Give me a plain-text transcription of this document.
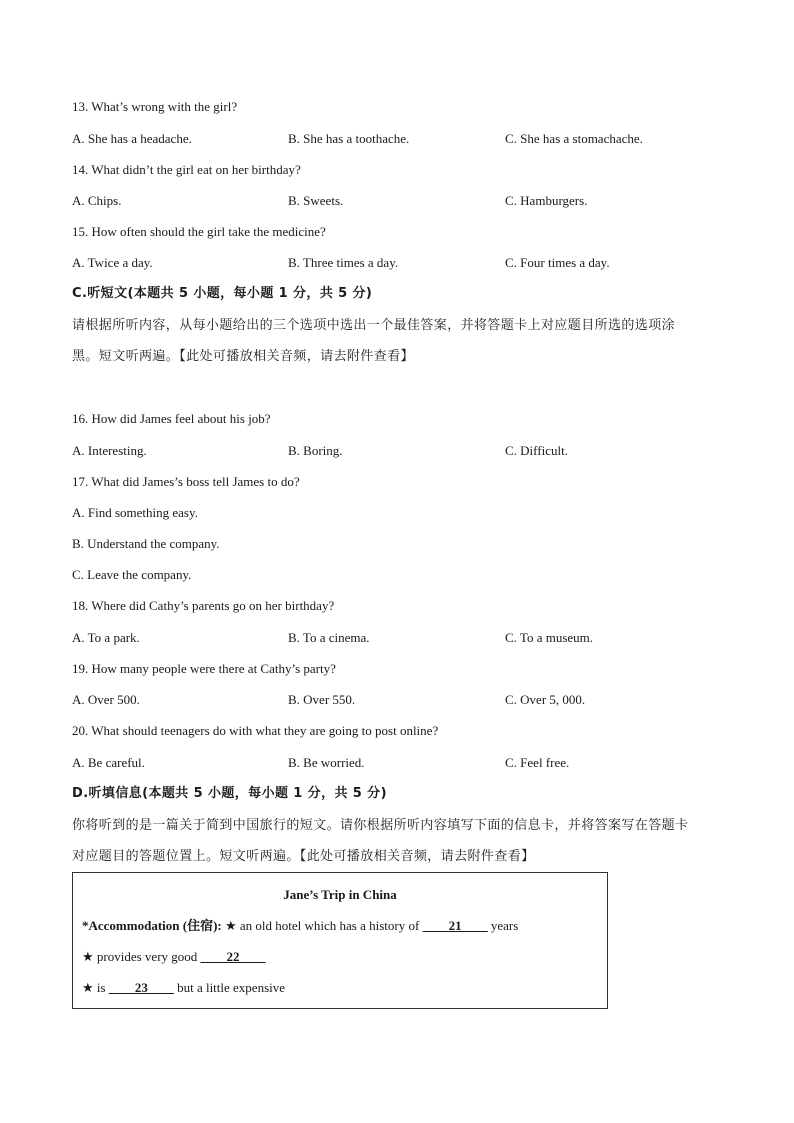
13. What’s wrong with the girl?
A. She has a headache.	B. She has a toothache.	C. She has a stomachache.
14. What didn’t the girl eat on her birthday?
A. Chips.	B. Sweets.	C. Hamburgers.
15. How often should the girl take the medicine?
A. Twice a day.	B. Three times a day.	C. Four times a day.
C.听短文(本题共 5 小题，每小题 1 分，共 5 分)
请根据所听内容，从每小题给出的三个选项中选出一个最佳答案，并将答题卡上对应题目所选的选项涂
黑。短文听两遍。【此处可播放相关音频，请去附件查看】
16. How did James feel about his job?
A. Interesting.	B. Boring.	C. Difficult.
17. What did James’s boss tell James to do?
A. Find something easy.
B. Understand the company.
C. Leave the company.
18. Where did Cathy’s parents go on her birthday?
A. To a park.	B. To a cinema.	C. To a museum.
19. How many people were there at Cathy’s party?
A. Over 500.	B. Over 550.	C. Over 5, 000.
20. What should teenagers do with what they are going to post online?
A. Be careful.	B. Be worried.	C. Feel free.
D.听填信息(本题共 5 小题，每小题 1 分，共 5 分)
你将听到的是一篇关于简到中国旅行的短文。请你根据所听内容填写下面的信息卡，并将答案写在答题卡
对应题目的答题位置上。短文听两遍。【此处可播放相关音频，请去附件查看】
Jane’s Trip in China
*Accommodation (住宿): ★ an old hotel which has a history of ____21____ years
★ provides very good ____22____
★ is ____23____ but a little expensive
